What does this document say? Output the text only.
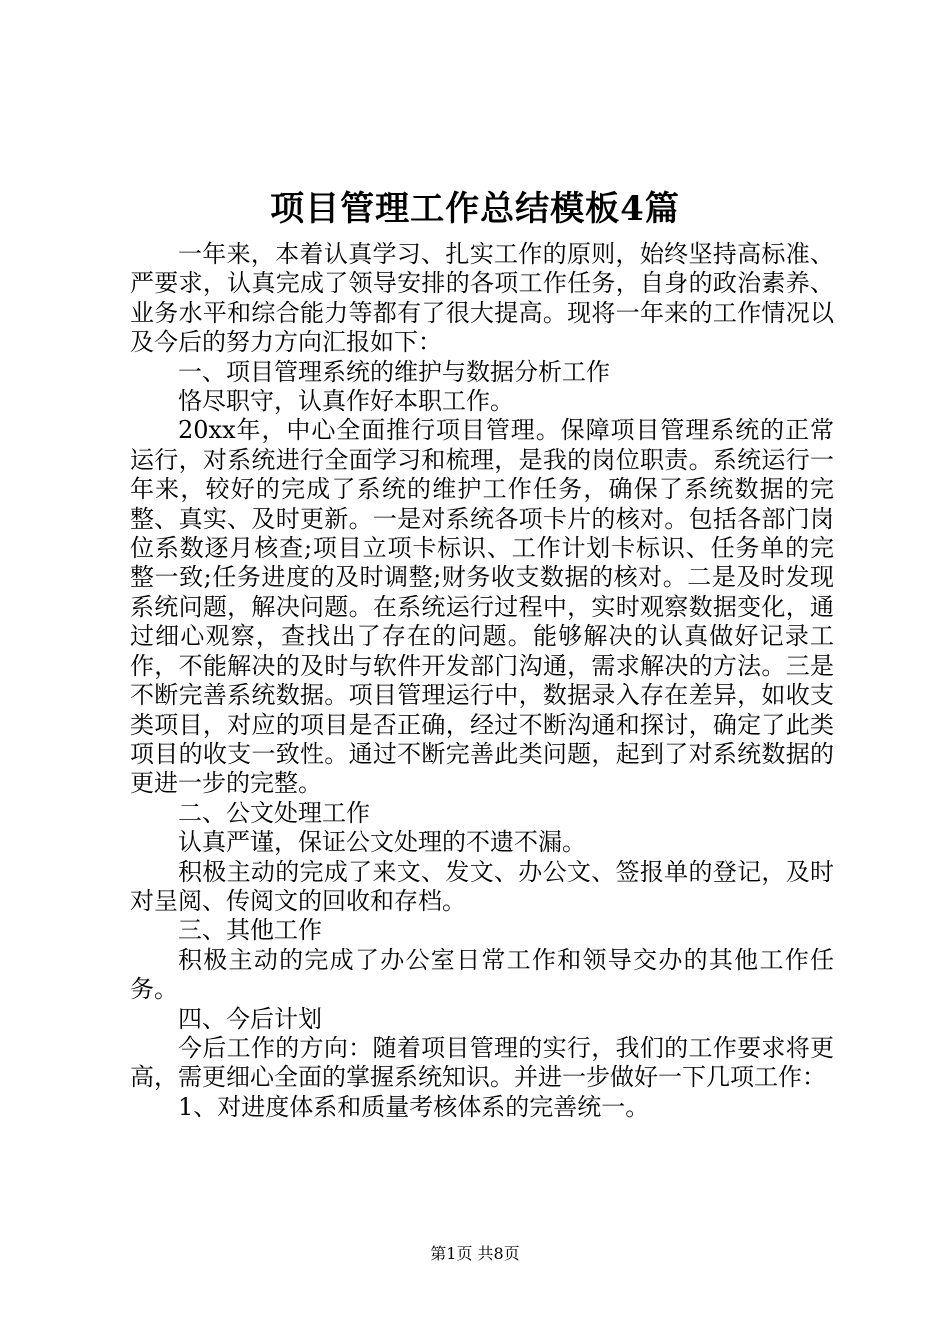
项目管理工作总结模板4篇

一年来，本着认真学习、扎实工作的原则，始终坚持高标准、严要求，认真完成了领导安排的各项工作任务，自身的政治素养、业务水平和综合能力等都有了很大提高。现将一年来的工作情况以及今后的努力方向汇报如下：

一、项目管理系统的维护与数据分析工作

恪尽职守，认真作好本职工作。

20xx年，中心全面推行项目管理。保障项目管理系统的正常运行，对系统进行全面学习和梳理，是我的岗位职责。系统运行一年来，较好的完成了系统的维护工作任务，确保了系统数据的完整、真实、及时更新。一是对系统各项卡片的核对。包括各部门岗位系数逐月核查;项目立项卡标识、工作计划卡标识、任务单的完整一致;任务进度的及时调整;财务收支数据的核对。二是及时发现系统问题，解决问题。在系统运行过程中，实时观察数据变化，通过细心观察，查找出了存在的问题。能够解决的认真做好记录工作，不能解决的及时与软件开发部门沟通，需求解决的方法。三是不断完善系统数据。项目管理运行中，数据录入存在差异，如收支类项目，对应的项目是否正确，经过不断沟通和探讨，确定了此类项目的收支一致性。通过不断完善此类问题，起到了对系统数据的更进一步的完整。

二、公文处理工作

认真严谨，保证公文处理的不遗不漏。

积极主动的完成了来文、发文、办公文、签报单的登记，及时对呈阅、传阅文的回收和存档。

三、其他工作

积极主动的完成了办公室日常工作和领导交办的其他工作任务。

四、今后计划

今后工作的方向：随着项目管理的实行，我们的工作要求将更高，需更细心全面的掌握系统知识。并进一步做好一下几项工作：

1、对进度体系和质量考核体系的完善统一。

第1页 共8页
